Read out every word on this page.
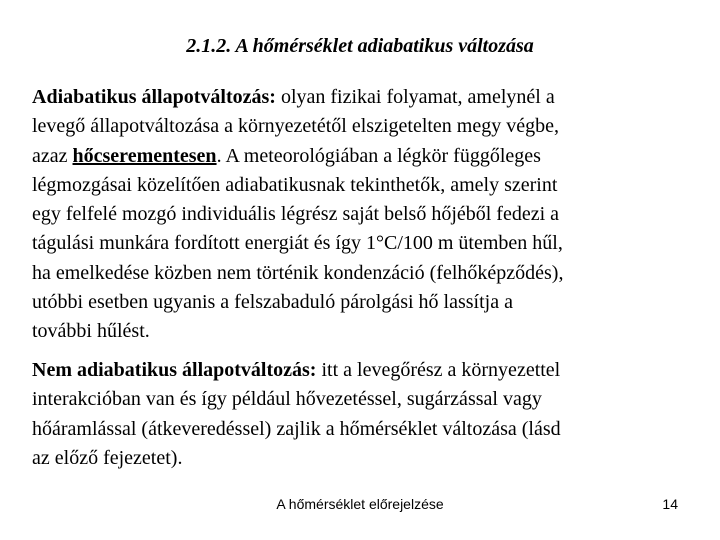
2.1.2. A hőmérséklet adiabatikus változása

Adiabatikus állapotváltozás: olyan fizikai folyamat, amelynél a
levegő állapotváltozása a környezetétől elszigetelten megy végbe,
azaz hőcserementesen. A meteorológiában a légkör függőleges
légmozgásai közelítően adiabatikusnak tekinthetők, amely szerint
egy felfelé mozgó individuális légrész saját belső hőjéből fedezi a
tágulási munkára fordított energiát és így 1°C/100 m ütemben hűl,
ha emelkedése közben nem történik kondenzáció (felhőképződés),
utóbbi esetben ugyanis a felszabaduló párolgási hő lassítja a
további hűlést.

Nem adiabatikus állapotváltozás: itt a levegőrész a környezettel
interakcióban van és így például hővezetéssel, sugárzással vagy
hőáramlással (átkeveredéssel) zajlik a hőmérséklet változása (lásd
az előző fejezetet).

A hőmérséklet előrejelzése	14
